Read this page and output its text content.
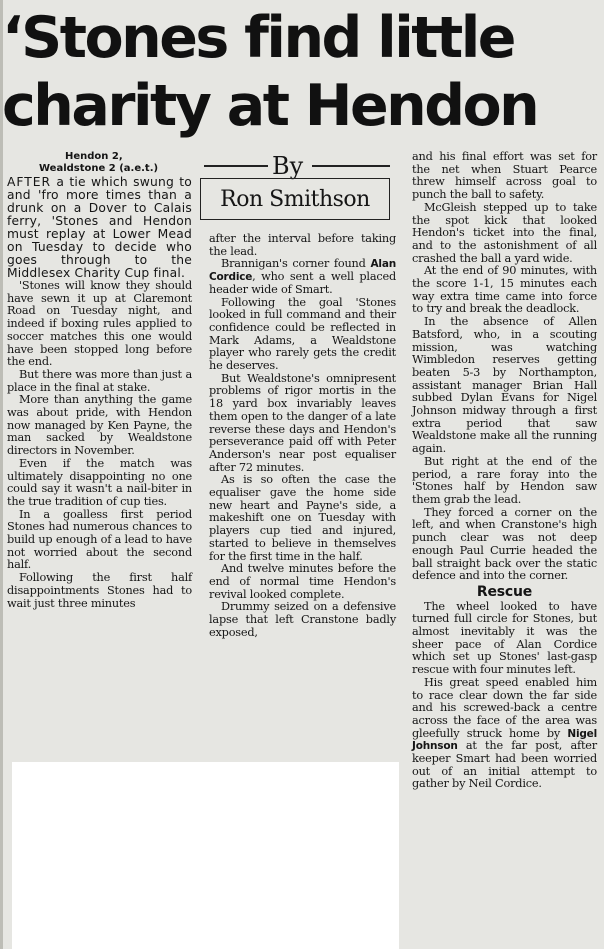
‘Stones find little
charity at Hendon
Hendon 2,
Wealdstone 2 (a.e.t.)	By
Ron Smithson

AFTER a tie which swung to and 'fro more times than a drunk on a Dover to Calais ferry, 'Stones and Hendon must replay at Lower Mead on Tuesday to decide who goes through to the Middlesex Charity Cup final.

'Stones will know they should have sewn it up at Claremont Road on Tuesday night, and indeed if boxing rules applied to soccer matches this one would have been stopped long before the end.

But there was more than just a place in the final at stake.

More than anything the game was about pride, with Hendon now managed by Ken Payne, the man sacked by Wealdstone directors in November.

Even if the match was ultimately disappointing no one could say it wasn't a nail-biter in the true tradition of cup ties.

In a goalless first period Stones had numerous chances to build up enough of a lead to have not worried about the second half.

Following the first half disappointments Stones had to wait just three minutes

after the interval before taking the lead.

Brannigan's corner found Alan Cordice, who sent a well placed header wide of Smart.

Following the goal 'Stones looked in full command and their confidence could be reflected in Mark Adams, a Wealdstone player who rarely gets the credit he deserves.

But Wealdstone's omnipresent problems of rigor mortis in the 18 yard box invariably leaves them open to the danger of a late reverse these days and Hendon's perseverance paid off with Peter Anderson's near post equaliser after 72 minutes.

As is so often the case the equaliser gave the home side new heart and Payne's side, a makeshift one on Tuesday with players cup tied and injured, started to believe in themselves for the first time in the half.

And twelve minutes before the end of normal time Hendon's revival looked complete.

Drummy seized on a defensive lapse that left Cranstone badly exposed,

and his final effort was set for the net when Stuart Pearce threw himself across goal to punch the ball to safety.

McGleish stepped up to take the spot kick that looked Hendon's ticket into the final, and to the astonishment of all crashed the ball a yard wide.

At the end of 90 minutes, with the score 1-1, 15 minutes each way extra time came into force to try and break the deadlock.

In the absence of Allen Batsford, who, in a scouting mission, was watching Wimbledon reserves getting beaten 5-3 by Northampton, assistant manager Brian Hall subbed Dylan Evans for Nigel Johnson midway through a first extra period that saw Wealdstone make all the running again.

But right at the end of the period, a rare foray into the 'Stones half by Hendon saw them grab the lead.

They forced a corner on the left, and when Cranstone's high punch clear was not deep enough Paul Currie headed the ball straight back over the static defence and into the corner.

Rescue

The wheel looked to have turned full circle for Stones, but almost inevitably it was the sheer pace of Alan Cordice which set up Stones' last-gasp rescue with four minutes left.

His great speed enabled him to race clear down the far side and his screwed-back a centre across the face of the area was gleefully struck home by Nigel Johnson at the far post, after keeper Smart had been worried out of an initial attempt to gather by Neil Cordice.
